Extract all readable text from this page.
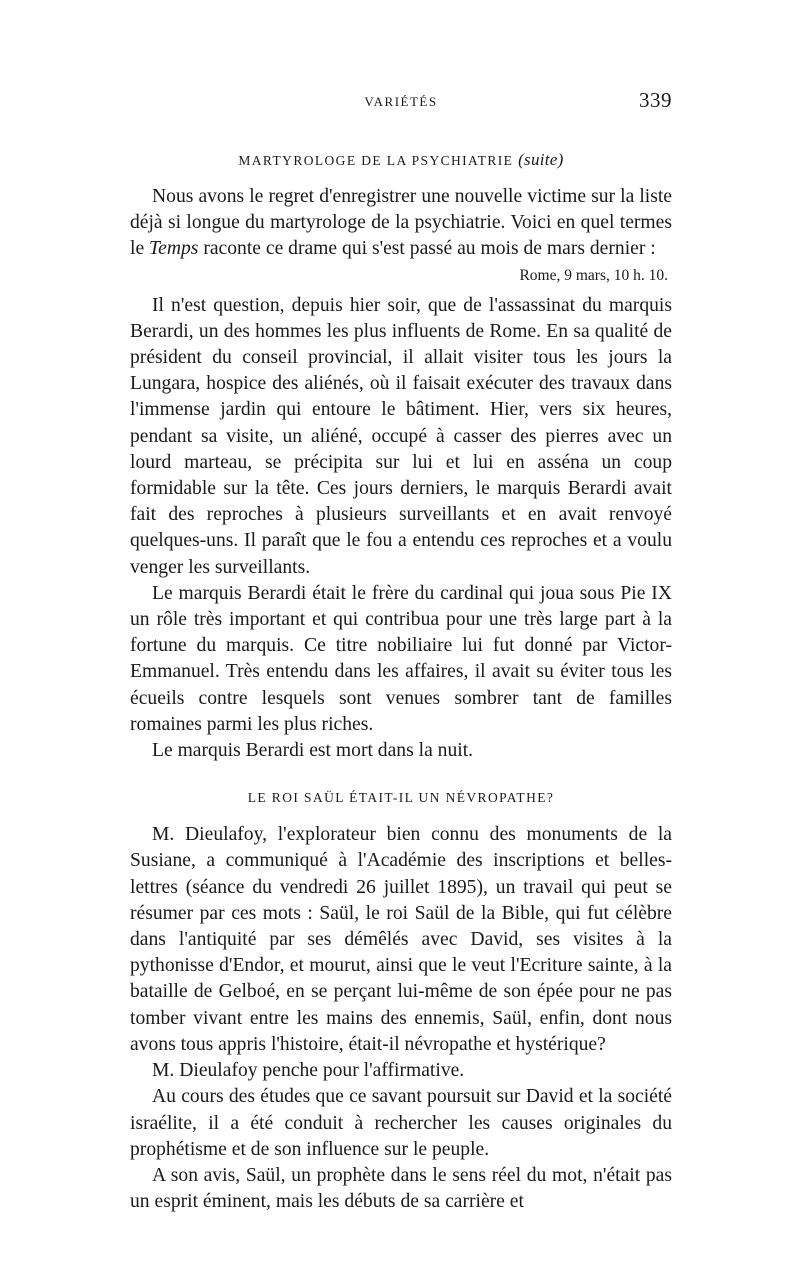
VARIÉTÉS	339
MARTYROLOGE DE LA PSYCHIATRIE (suite)

Nous avons le regret d'enregistrer une nouvelle victime sur la liste déjà si longue du martyrologe de la psychiatrie. Voici en quel termes le Temps raconte ce drame qui s'est passé au mois de mars dernier :

Rome, 9 mars, 10 h. 10.

Il n'est question, depuis hier soir, que de l'assassinat du marquis Berardi, un des hommes les plus influents de Rome. En sa qualité de président du conseil provincial, il allait visiter tous les jours la Lungara, hospice des aliénés, où il faisait exécuter des travaux dans l'immense jardin qui entoure le bâtiment. Hier, vers six heures, pendant sa visite, un aliéné, occupé à casser des pierres avec un lourd marteau, se précipita sur lui et lui en asséna un coup formidable sur la tête. Ces jours derniers, le marquis Berardi avait fait des reproches à plusieurs surveillants et en avait renvoyé quelques-uns. Il paraît que le fou a entendu ces reproches et a voulu venger les surveillants.

Le marquis Berardi était le frère du cardinal qui joua sous Pie IX un rôle très important et qui contribua pour une très large part à la fortune du marquis. Ce titre nobiliaire lui fut donné par Victor-Emmanuel. Très entendu dans les affaires, il avait su éviter tous les écueils contre lesquels sont venues sombrer tant de familles romaines parmi les plus riches.

Le marquis Berardi est mort dans la nuit.

LE ROI SAÜL ÉTAIT-IL UN NÉVROPATHE?

M. Dieulafoy, l'explorateur bien connu des monuments de la Susiane, a communiqué à l'Académie des inscriptions et belles-lettres (séance du vendredi 26 juillet 1895), un travail qui peut se résumer par ces mots : Saül, le roi Saül de la Bible, qui fut célèbre dans l'antiquité par ses démêlés avec David, ses visites à la pythonisse d'Endor, et mourut, ainsi que le veut l'Ecriture sainte, à la bataille de Gelboé, en se perçant lui-même de son épée pour ne pas tomber vivant entre les mains des ennemis, Saül, enfin, dont nous avons tous appris l'histoire, était-il névropathe et hystérique?

M. Dieulafoy penche pour l'affirmative.

Au cours des études que ce savant poursuit sur David et la société israélite, il a été conduit à rechercher les causes originales du prophétisme et de son influence sur le peuple.

A son avis, Saül, un prophète dans le sens réel du mot, n'était pas un esprit éminent, mais les débuts de sa carrière et
